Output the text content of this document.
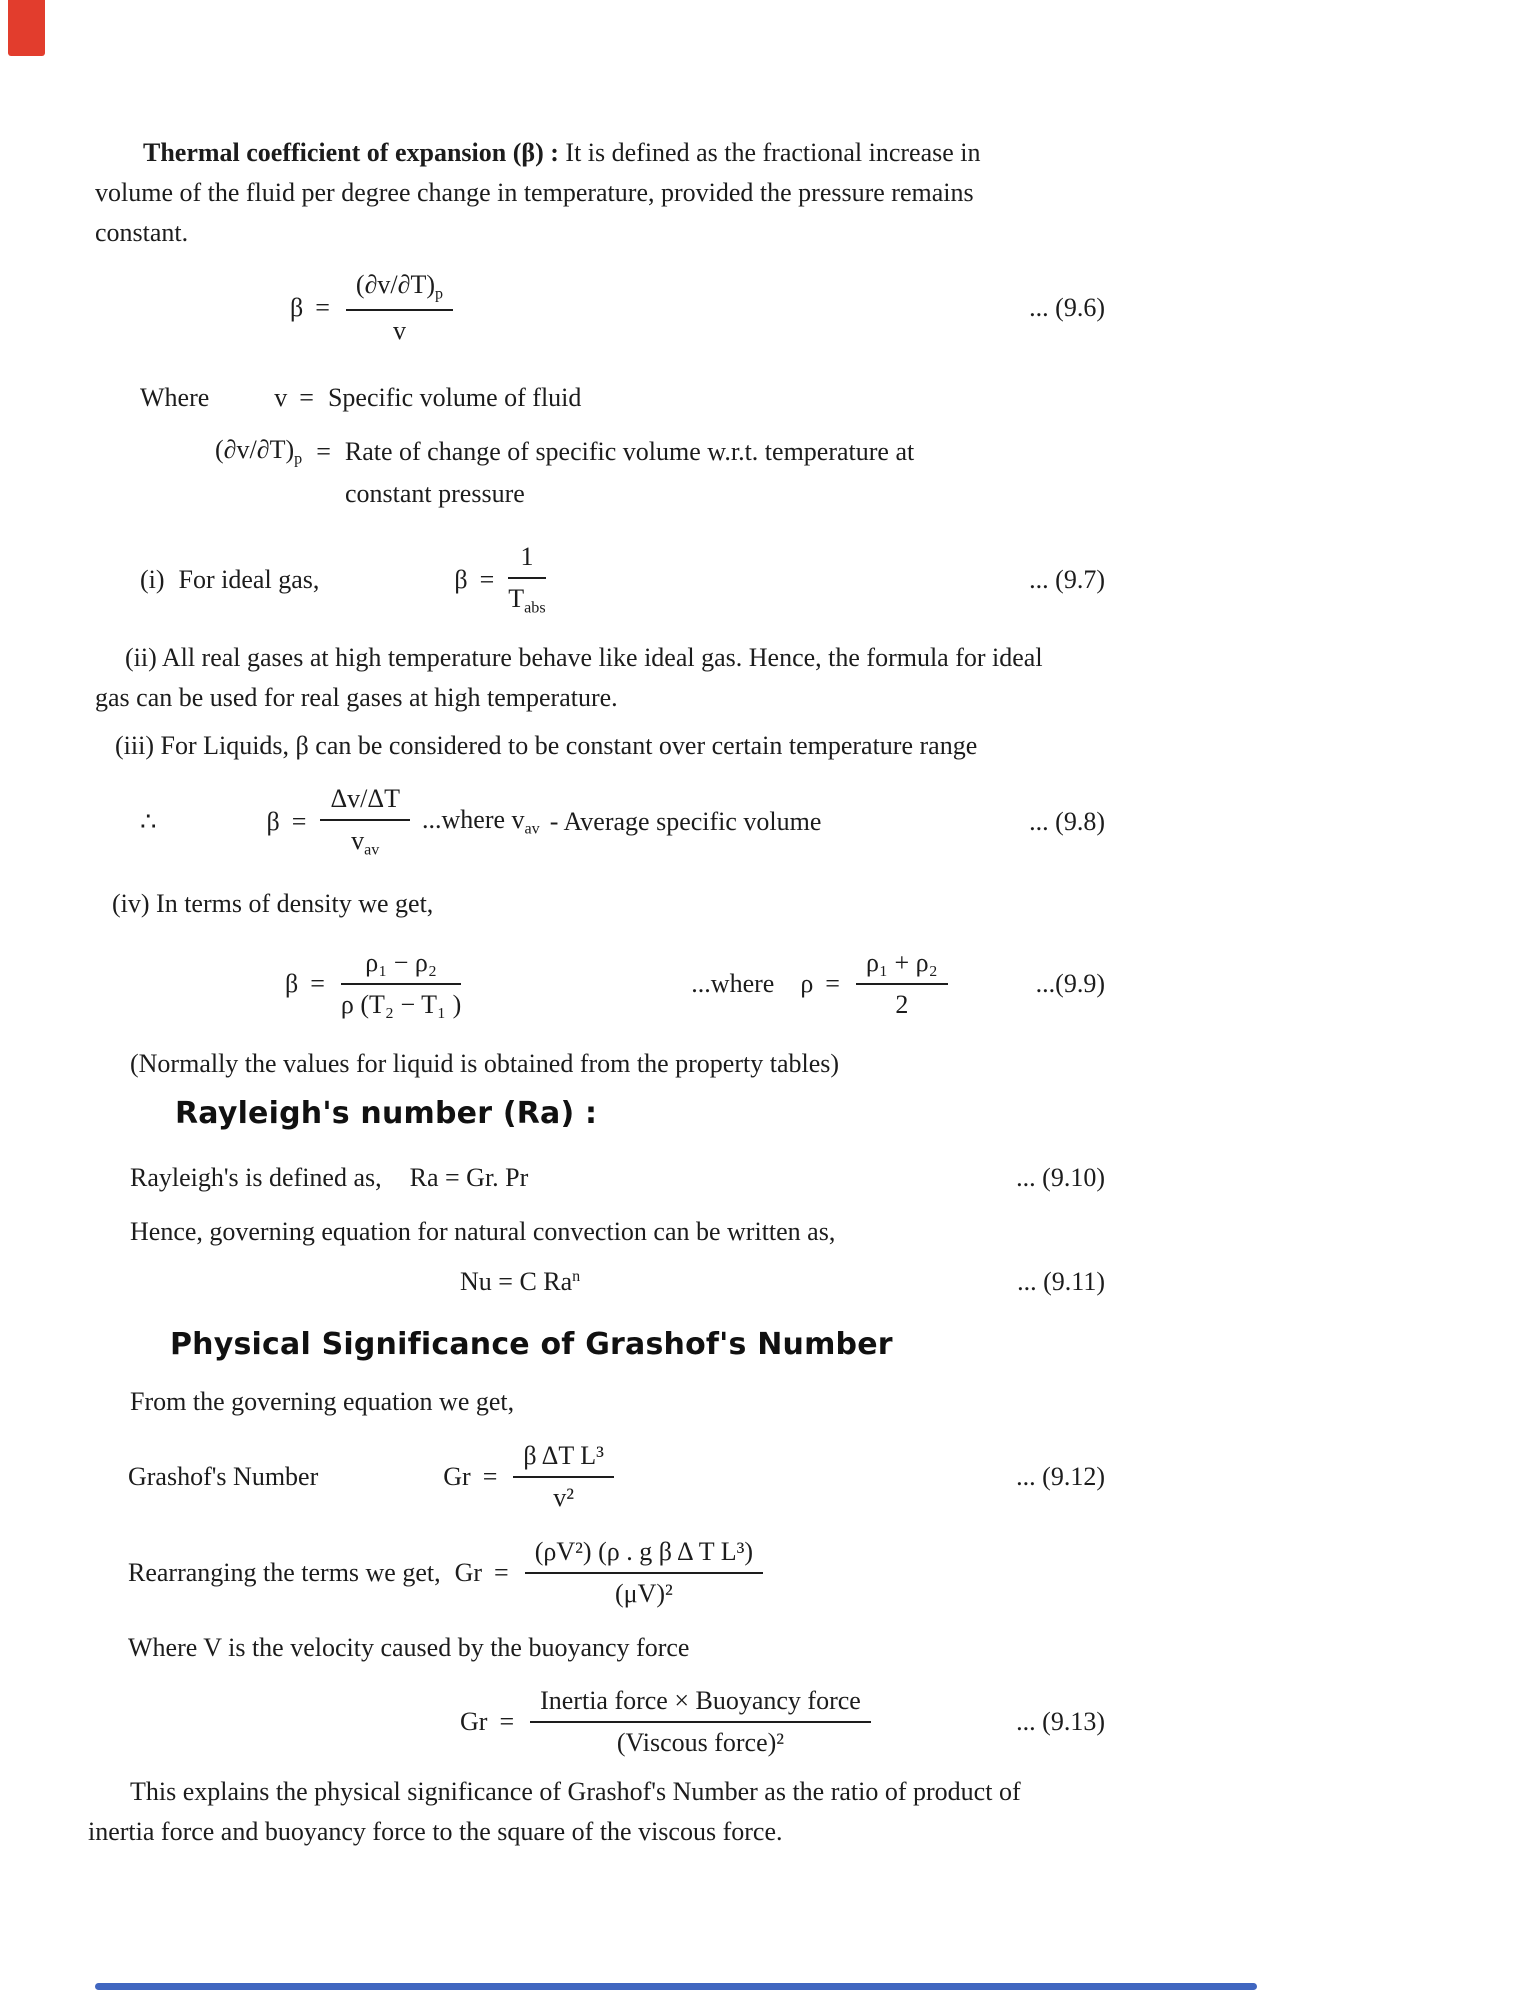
Thermal coefficient of expansion (β) : It is defined as the fractional increase in
volume of the fluid per degree change in temperature, provided the pressure remains
constant.
$\beta = \frac{(\partial v/\partial T)_p}{v}$	... (9.6)
Where	v = Specific volume of fluid
$(\partial v/\partial T)_p$ = Rate of change of specific volume w.r.t. temperature at
constant pressure
(i) For ideal gas,	$\beta = \frac{1}{T_{abs}}$	... (9.7)
(ii) All real gases at high temperature behave like ideal gas. Hence, the formula for ideal
gas can be used for real gases at high temperature.
(iii) For Liquids, β can be considered to be constant over certain temperature range
∴	$\beta = \frac{\Delta v/\Delta T}{v_{av}}$ ...where $v_{av}$ - Average specific volume	... (9.8)
(iv) In terms of density we get,
$\beta = \frac{\text{ρ₁ − ρ₂}}{\text{ρ (T₂ − T₁ )}}$	...where $\rho = \frac{\text{ρ₁ + ρ₂}}{2}$	...(9.9)
(Normally the values for liquid is obtained from the property tables)
Rayleigh's number (Ra) :
Rayleigh's is defined as, Ra = Gr. Pr	... (9.10)
Hence, governing equation for natural convection can be written as,
Nu = C Ra$^n$	... (9.11)
Physical Significance of Grashof's Number
From the governing equation we get,
Grashof's Number	$Gr = \frac{\text{β ΔT L³}}{\text{v²}}$	... (9.12)
Rearranging the terms we get, $Gr = \frac{\text{(ρV²) (ρ . g β Δ T L³)}}{\text{(μV)²}}$
Where V is the velocity caused by the buoyancy force
$Gr = \frac{\text{Inertia force × Buoyancy force}}{\text{(Viscous force)²}}$	... (9.13)
This explains the physical significance of Grashof's Number as the ratio of product of
inertia force and buoyancy force to the square of the viscous force.
